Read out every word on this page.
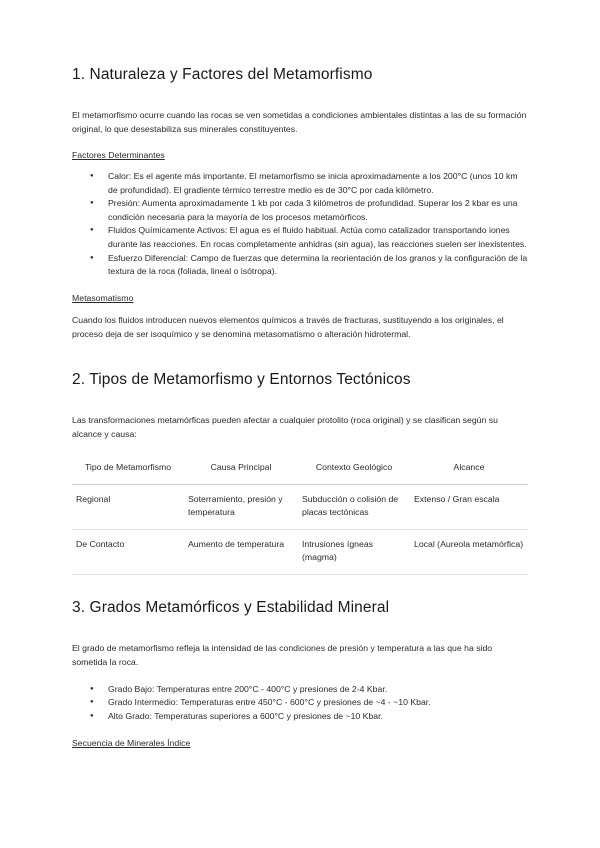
1. Naturaleza y Factores del Metamorfismo

El metamorfismo ocurre cuando las rocas se ven sometidas a condiciones ambientales distintas a las de su formación original, lo que desestabiliza sus minerales constituyentes.

Factores Determinantes
● Calor: Es el agente más importante. El metamorfismo se inicia aproximadamente a los 200°C (unos 10 km de profundidad). El gradiente térmico terrestre medio es de 30°C por cada kilómetro.
● Presión: Aumenta aproximadamente 1 kb por cada 3 kilómetros de profundidad. Superar los 2 kbar es una condición necesaria para la mayoría de los procesos metamórficos.
● Fluidos Químicamente Activos: El agua es el fluido habitual. Actúa como catalizador transportando iones durante las reacciones. En rocas completamente anhidras (sin agua), las reacciones suelen ser inexistentes.
● Esfuerzo Diferencial: Campo de fuerzas que determina la reorientación de los granos y la configuración de la textura de la roca (foliada, lineal o isótropa).
Metasomatismo

Cuando los fluidos introducen nuevos elementos químicos a través de fracturas, sustituyendo a los originales, el proceso deja de ser isoquímico y se denomina metasomatismo o alteración hidrotermal.

2. Tipos de Metamorfismo y Entornos Tectónicos

Las transformaciones metamórficas pueden afectar a cualquier protolito (roca original) y se clasifican según su alcance y causa:

Tipo de Metamorfismo	Causa Principal	Contexto Geológico	Alcance
Regional	Soterramiento, presión y temperatura	Subducción o colisión de placas tectónicas	Extenso / Gran escala
De Contacto	Aumento de temperatura	Intrusiones ígneas (magma)	Local (Aureola metamórfica)
3. Grados Metamórficos y Estabilidad Mineral

El grado de metamorfismo refleja la intensidad de las condiciones de presión y temperatura a las que ha sido sometida la roca.

● Grado Bajo: Temperaturas entre 200°C - 400°C y presiones de 2-4 Kbar.
● Grado Intermedio: Temperaturas entre 450°C - 600°C y presiones de ~4 - ~10 Kbar.
● Alto Grado: Temperaturas superiores a 600°C y presiones de ~10 Kbar.
Secuencia de Minerales Índice
